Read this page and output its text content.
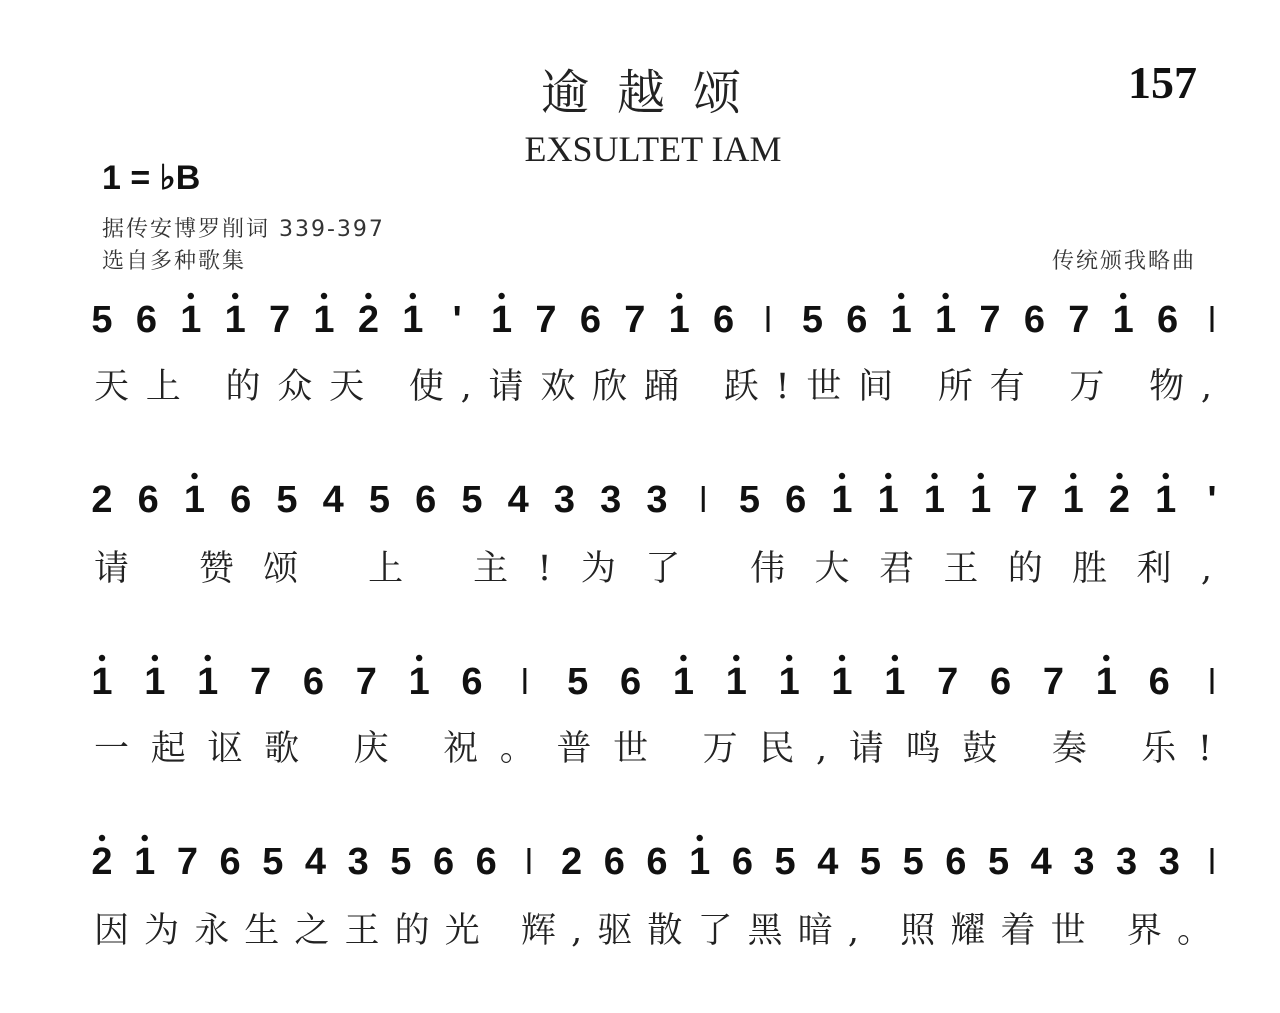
逾越颂	157
EXSULTET IAM
1 = ♭B
据传安博罗削词 339-397
选自多种歌集	传统颁我略曲
5 6 1 1 7 1 2 1 ' 1 7 6 7 1 6 5 6 1 1 7 6 7 1 6
天上 的众天 使,请欢欣踊 跃!世间 所有 万 物,
2 6 1 6 5 4 5 6 5 4 3 3 3 5 6 1 1 1 1 7 1 2 1 '
请 赞颂 上 主!为了 伟大君王的胜利,
1 1 1 7 6 7 1 6 5 6 1 1 1 1 1 7 6 7 1 6
一起讴歌 庆 祝。普世 万民,请鸣鼓 奏 乐!
2 1 7 6 5 4 3 5 6 6 2 6 6 1 6 5 4 5 5 6 5 4 3 3 3
因为永生之王的光 辉,驱散了黑暗, 照耀着世 界。
